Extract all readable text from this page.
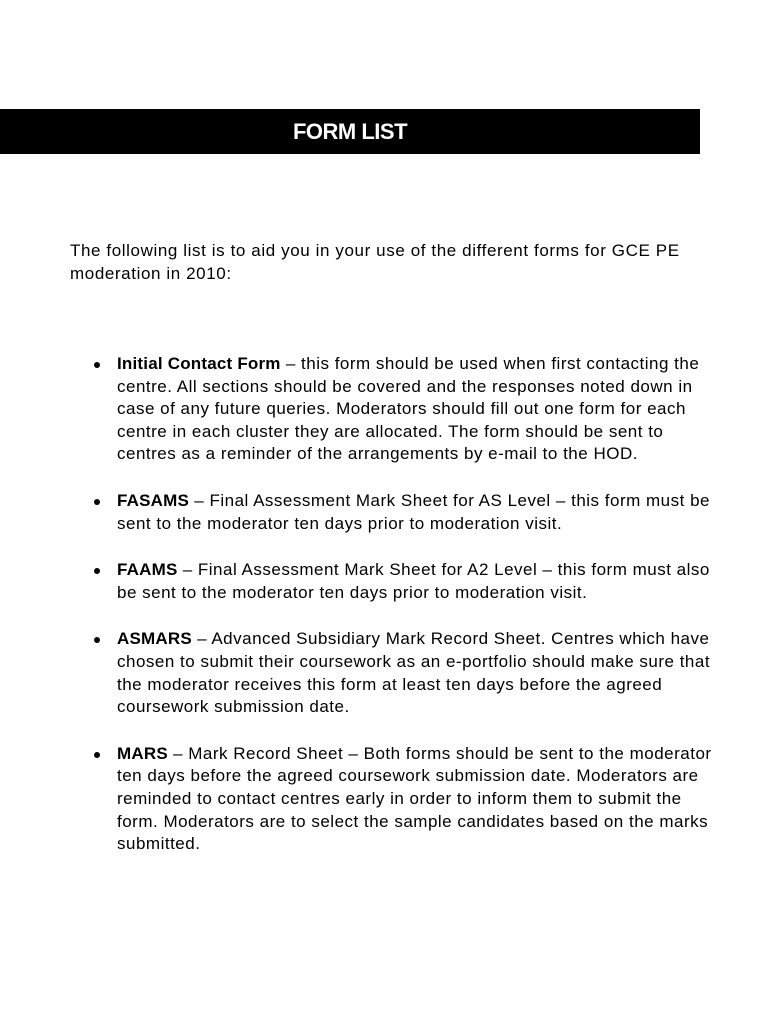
FORM LIST

The following list is to aid you in your use of the different forms for GCE PE moderation in 2010:

Initial Contact Form – this form should be used when first contacting the centre. All sections should be covered and the responses noted down in case of any future queries. Moderators should fill out one form for each centre in each cluster they are allocated. The form should be sent to centres as a reminder of the arrangements by e-mail to the HOD.
FASAMS – Final Assessment Mark Sheet for AS Level – this form must be sent to the moderator ten days prior to moderation visit.
FAAMS – Final Assessment Mark Sheet for A2 Level – this form must also be sent to the moderator ten days prior to moderation visit.
ASMARS – Advanced Subsidiary Mark Record Sheet. Centres which have chosen to submit their coursework as an e-portfolio should make sure that the moderator receives this form at least ten days before the agreed coursework submission date.
MARS – Mark Record Sheet – Both forms should be sent to the moderator ten days before the agreed coursework submission date. Moderators are reminded to contact centres early in order to inform them to submit the form. Moderators are to select the sample candidates based on the marks submitted.
